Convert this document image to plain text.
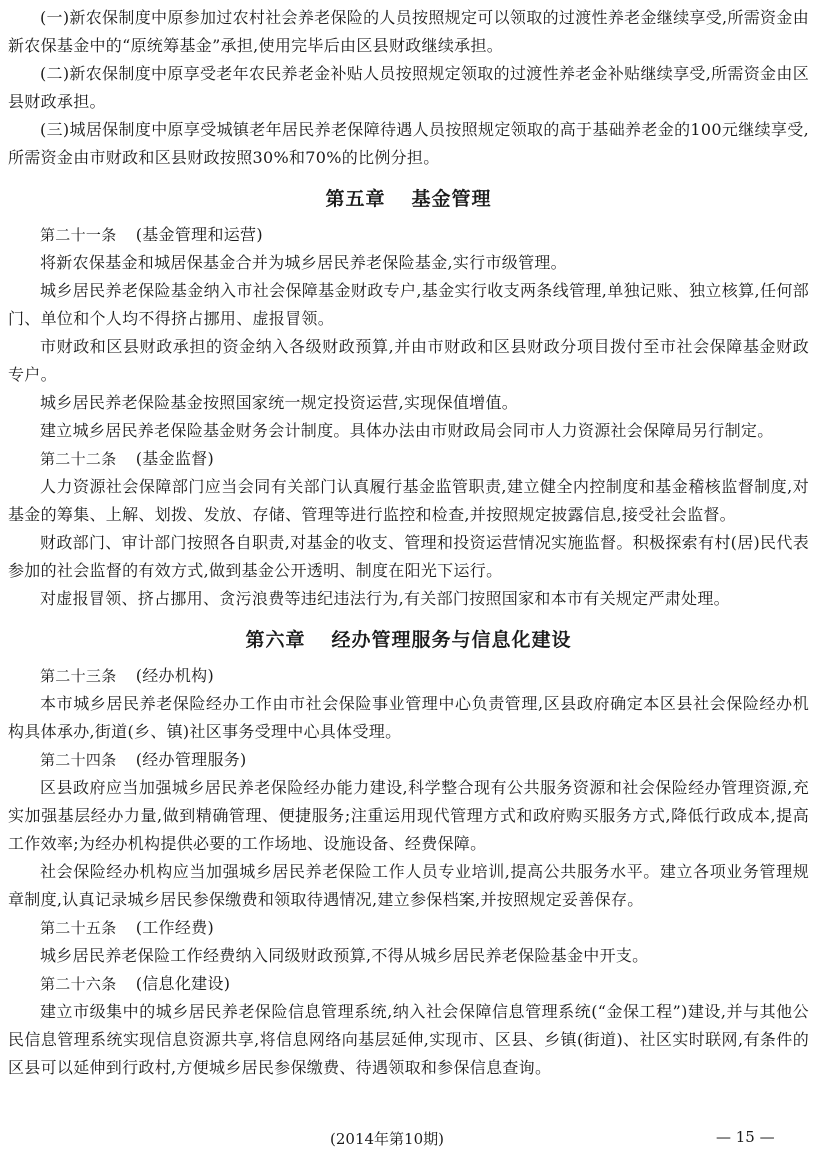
(一)新农保制度中原参加过农村社会养老保险的人员按照规定可以领取的过渡性养老金继续享受,所需资金由新农保基金中的“原统筹基金”承担,使用完毕后由区县财政继续承担。

(二)新农保制度中原享受老年农民养老金补贴人员按照规定领取的过渡性养老金补贴继续享受,所需资金由区县财政承担。

(三)城居保制度中原享受城镇老年居民养老保障待遇人员按照规定领取的高于基础养老金的100元继续享受,所需资金由市财政和区县财政按照30%和70%的比例分担。

第五章 基金管理

第二十一条 (基金管理和运营)

将新农保基金和城居保基金合并为城乡居民养老保险基金,实行市级管理。

城乡居民养老保险基金纳入市社会保障基金财政专户,基金实行收支两条线管理,单独记账、独立核算,任何部门、单位和个人均不得挤占挪用、虚报冒领。

市财政和区县财政承担的资金纳入各级财政预算,并由市财政和区县财政分项目拨付至市社会保障基金财政专户。

城乡居民养老保险基金按照国家统一规定投资运营,实现保值增值。

建立城乡居民养老保险基金财务会计制度。具体办法由市财政局会同市人力资源社会保障局另行制定。

第二十二条 (基金监督)

人力资源社会保障部门应当会同有关部门认真履行基金监管职责,建立健全内控制度和基金稽核监督制度,对基金的筹集、上解、划拨、发放、存储、管理等进行监控和检查,并按照规定披露信息,接受社会监督。

财政部门、审计部门按照各自职责,对基金的收支、管理和投资运营情况实施监督。积极探索有村(居)民代表参加的社会监督的有效方式,做到基金公开透明、制度在阳光下运行。

对虚报冒领、挤占挪用、贪污浪费等违纪违法行为,有关部门按照国家和本市有关规定严肃处理。

第六章 经办管理服务与信息化建设

第二十三条 (经办机构)

本市城乡居民养老保险经办工作由市社会保险事业管理中心负责管理,区县政府确定本区县社会保险经办机构具体承办,街道(乡、镇)社区事务受理中心具体受理。

第二十四条 (经办管理服务)

区县政府应当加强城乡居民养老保险经办能力建设,科学整合现有公共服务资源和社会保险经办管理资源,充实加强基层经办力量,做到精确管理、便捷服务;注重运用现代管理方式和政府购买服务方式,降低行政成本,提高工作效率;为经办机构提供必要的工作场地、设施设备、经费保障。

社会保险经办机构应当加强城乡居民养老保险工作人员专业培训,提高公共服务水平。建立各项业务管理规章制度,认真记录城乡居民参保缴费和领取待遇情况,建立参保档案,并按照规定妥善保存。

第二十五条 (工作经费)

城乡居民养老保险工作经费纳入同级财政预算,不得从城乡居民养老保险基金中开支。

第二十六条 (信息化建设)

建立市级集中的城乡居民养老保险信息管理系统,纳入社会保障信息管理系统(“金保工程”)建设,并与其他公民信息管理系统实现信息资源共享,将信息网络向基层延伸,实现市、区县、乡镇(街道)、社区实时联网,有条件的区县可以延伸到行政村,方便城乡居民参保缴费、待遇领取和参保信息查询。

(2014年第10期)	— 15 —
